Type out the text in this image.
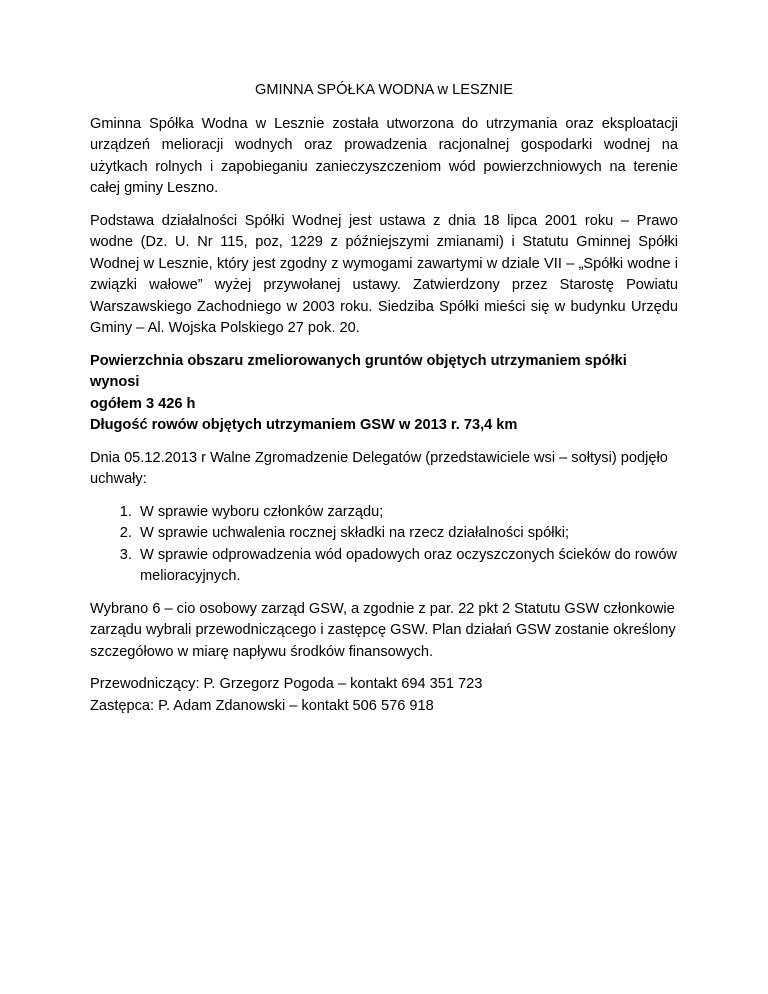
GMINNA SPÓŁKA WODNA w LESZNIE

Gminna Spółka Wodna w Lesznie została utworzona do utrzymania oraz eksploatacji urządzeń melioracji wodnych oraz prowadzenia racjonalnej gospodarki wodnej na użytkach rolnych i zapobieganiu zanieczyszczeniom wód powierzchniowych na terenie całej gminy Leszno.

Podstawa działalności Spółki Wodnej jest ustawa z dnia 18 lipca 2001 roku – Prawo wodne (Dz. U. Nr 115, poz, 1229 z późniejszymi zmianami) i Statutu Gminnej Spółki Wodnej w Lesznie, który jest zgodny z wymogami zawartymi w dziale VII – „Spółki wodne i związki wałowe” wyżej przywołanej ustawy. Zatwierdzony przez Starostę Powiatu Warszawskiego Zachodniego w 2003 roku. Siedziba Spółki mieści się w budynku Urzędu Gminy – Al. Wojska Polskiego 27 pok. 20.

Powierzchnia obszaru zmeliorowanych gruntów objętych utrzymaniem spółki wynosi
ogółem 3 426 h
Długość rowów objętych utrzymaniem GSW w 2013 r. 73,4 km

Dnia 05.12.2013 r Walne Zgromadzenie Delegatów (przedstawiciele wsi – sołtysi) podjęło uchwały:

1. W sprawie wyboru członków zarządu;
2. W sprawie uchwalenia rocznej składki na rzecz działalności spółki;
3. W sprawie odprowadzenia wód opadowych oraz oczyszczonych ścieków do rowów melioracyjnych.

Wybrano 6 – cio osobowy zarząd GSW, a zgodnie z par. 22 pkt 2 Statutu GSW członkowie zarządu wybrali przewodniczącego i zastępcę GSW. Plan działań GSW zostanie określony szczegółowo w miarę napływu środków finansowych.

Przewodniczący: P. Grzegorz Pogoda – kontakt 694 351 723
Zastępca: P. Adam Zdanowski – kontakt 506 576 918
